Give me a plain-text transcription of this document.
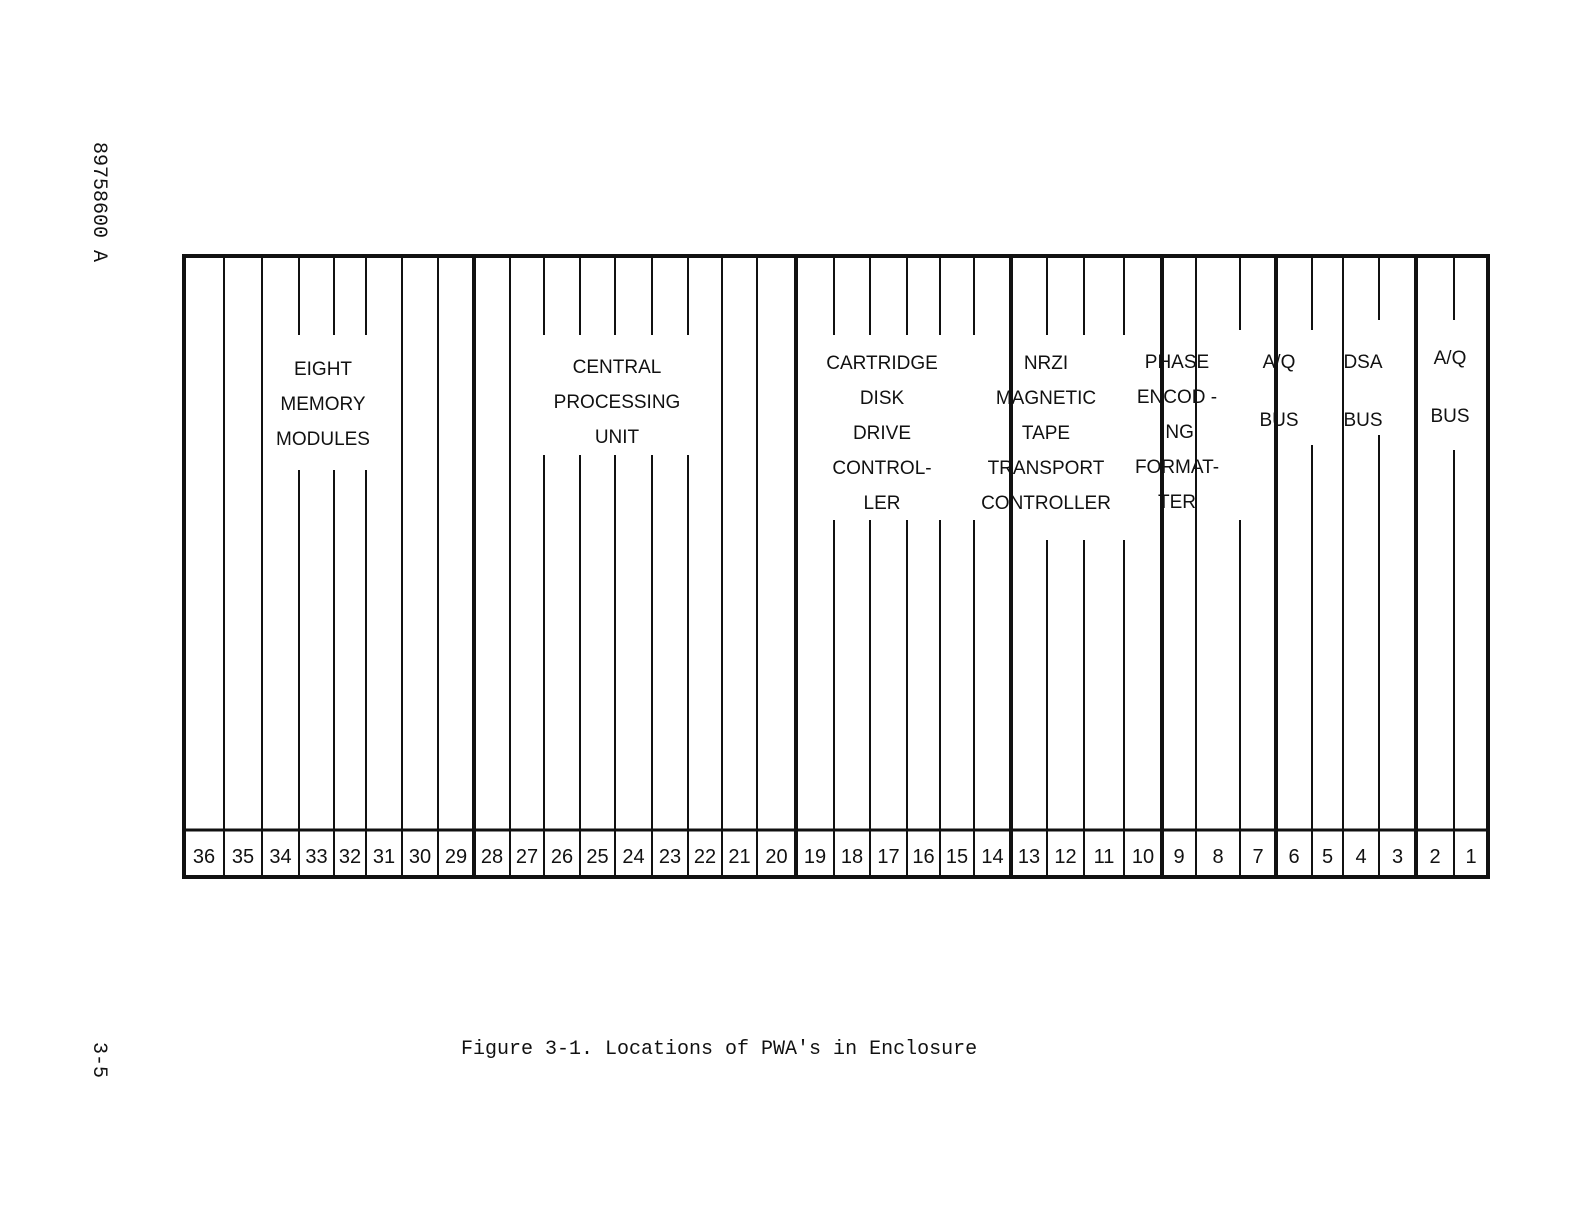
89758600 A
3-5
36 35 34 33 32 31 30 29 28 27 26 25 24 23 22 21 20 19 18 17 16 15 14 13 12 11 10 9 8 7 6 5 4 3 2 1
EIGHT
MEMORY
MODULES
CENTRAL
PROCESSING
UNIT
CARTRIDGE
DISK
DRIVE
CONTROL-
LER
NRZI
MAGNETIC
TAPE
TRANSPORT
CONTROLLER
PHASE
ENCOD -
ING
FORMAT-
TER
A/Q
BUS
DSA
BUS
A/Q
BUS
Figure 3-1. Locations of PWA's in Enclosure
